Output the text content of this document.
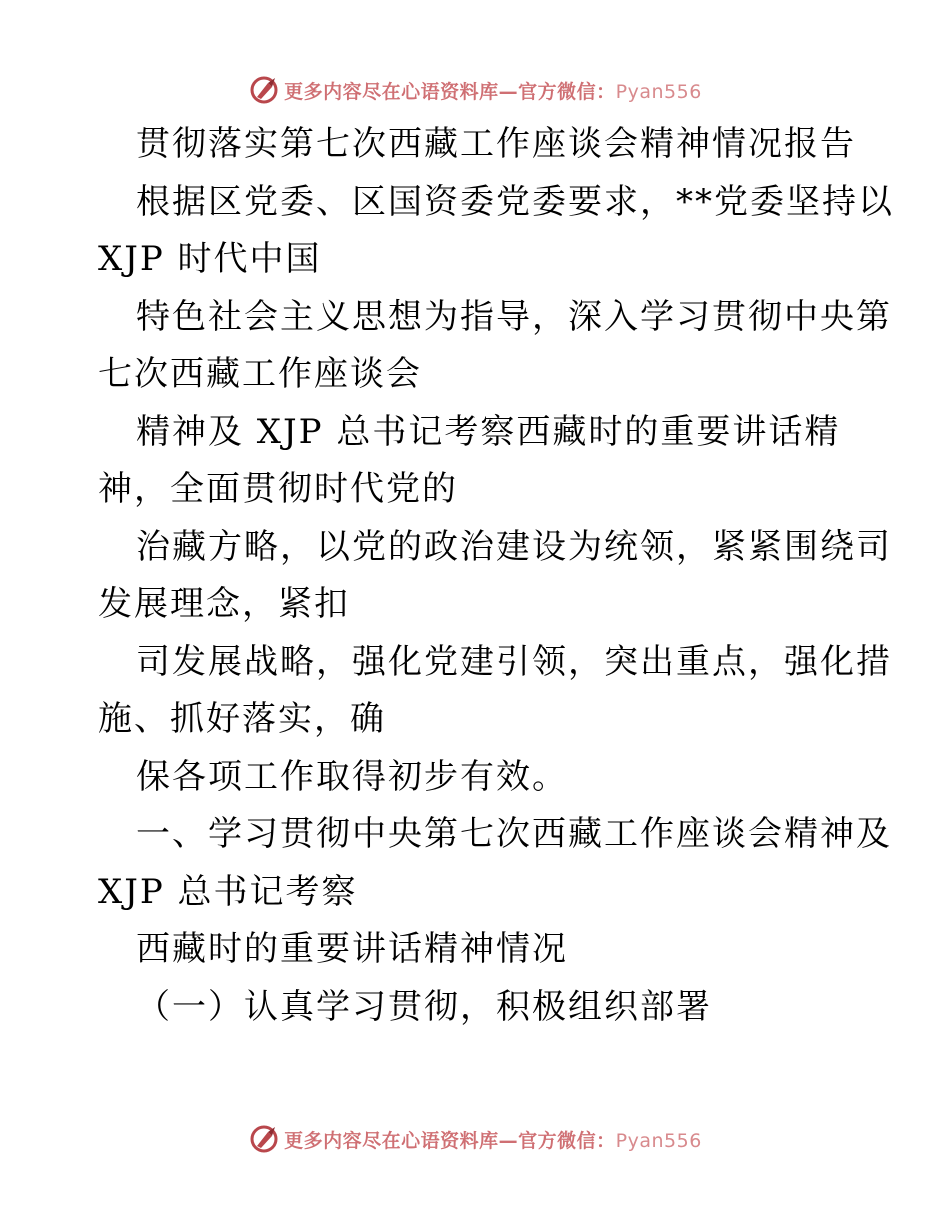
更多内容尽在心语资料库—官方微信：Pyan556
贯彻落实第七次西藏工作座谈会精神情况报告
根据区党委、区国资委党委要求，**党委坚持以
XJP 时代中国
特色社会主义思想为指导，深入学习贯彻中央第
七次西藏工作座谈会
精神及 XJP 总书记考察西藏时的重要讲话精
神，全面贯彻时代党的
治藏方略，以党的政治建设为统领，紧紧围绕司
发展理念，紧扣
司发展战略，强化党建引领，突出重点，强化措
施、抓好落实，确
保各项工作取得初步有效。
一、学习贯彻中央第七次西藏工作座谈会精神及
XJP 总书记考察
西藏时的重要讲话精神情况
（一）认真学习贯彻，积极组织部署
更多内容尽在心语资料库—官方微信：Pyan556
